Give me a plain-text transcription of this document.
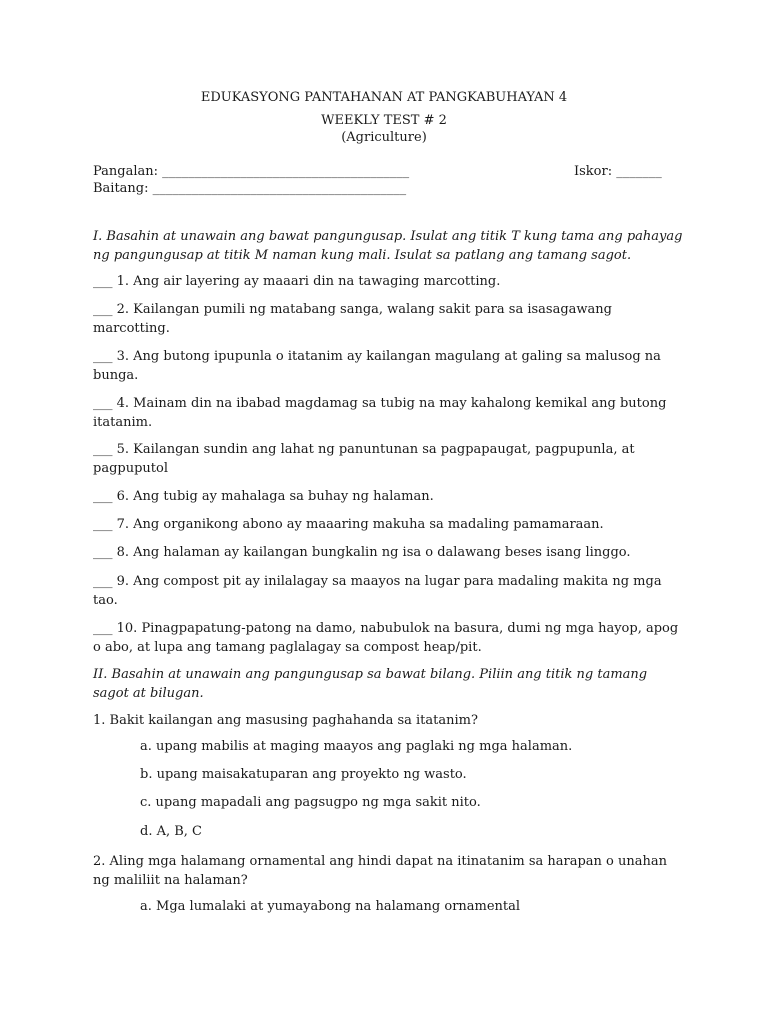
EDUKASYONG PANTAHANAN AT PANGKABUHAYAN 4
WEEKLY TEST # 2
(Agriculture)
Pangalan: ______________________________________
Baitang: _______________________________________
Iskor: _______
I. Basahin at unawain ang bawat pangungusap. Isulat ang titik T kung tama ang pahayag ng pangungusap at titik M naman kung mali. Isulat sa patlang ang tamang sagot.
___ 1. Ang air layering ay maaari din na tawaging marcotting.
___ 2. Kailangan pumili ng matabang sanga, walang sakit para sa isasagawang marcotting.
___ 3. Ang butong ipupunla o itatanim ay kailangan magulang at galing sa malusog na bunga.
___ 4. Mainam din na ibabad magdamag sa tubig na may kahalong kemikal ang butong itatanim.
___ 5. Kailangan sundin ang lahat ng panuntunan sa pagpapaugat, pagpupunla, at pagpuputol
___ 6. Ang tubig ay mahalaga sa buhay ng halaman.
___ 7. Ang organikong abono ay maaaring makuha sa madaling pamamaraan.
___ 8. Ang halaman ay kailangan bungkalin ng isa o dalawang beses isang linggo.
___ 9. Ang compost pit ay inilalagay sa maayos na lugar para madaling makita ng mga tao.
___ 10. Pinagpapatung-patong na damo, nabubulok na basura, dumi ng mga hayop, apog o abo, at lupa ang tamang paglalagay sa compost heap/pit.
II. Basahin at unawain ang pangungusap sa bawat bilang. Piliin ang titik ng tamang sagot at bilugan.
1. Bakit kailangan ang masusing paghahanda sa itatanim?
a. upang mabilis at maging maayos ang paglaki ng mga halaman.
b. upang maisakatuparan ang proyekto ng wasto.
c. upang mapadali ang pagsugpo ng mga sakit nito.
d. A, B, C
2. Aling mga halamang ornamental ang hindi dapat na itinatanim sa harapan o unahan ng maliliit na halaman?
a. Mga lumalaki at yumayabong na halamang ornamental
